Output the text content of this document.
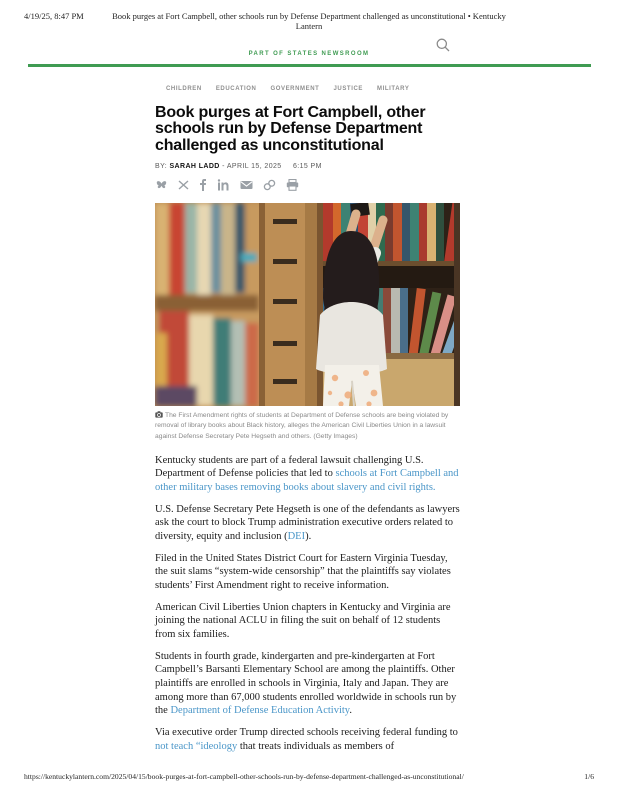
4/19/25, 8:47 PM	Book purges at Fort Campbell, other schools run by Defense Department challenged as unconstitutional • Kentucky Lantern
PART OF STATES NEWSROOM
CHILDREN EDUCATION GOVERNMENT JUSTICE MILITARY
Book purges at Fort Campbell, other schools run by Defense Department challenged as unconstitutional
BY: SARAH LADD - APRIL 15, 2025 6:15 PM
The First Amendment rights of students at Department of Defense schools are being violated by removal of library books about Black history, alleges the American Civil Liberties Union in a lawsuit against Defense Secretary Pete Hegseth and others. (Getty Images)

Kentucky students are part of a federal lawsuit challenging U.S. Department of Defense policies that led to schools at Fort Campbell and other military bases removing books about slavery and civil rights.

U.S. Defense Secretary Pete Hegseth is one of the defendants as lawyers ask the court to block Trump administration executive orders related to diversity, equity and inclusion (DEI).

Filed in the United States District Court for Eastern Virginia Tuesday, the suit slams “system-wide censorship” that the plaintiffs say violates students’ First Amendment right to receive information.

American Civil Liberties Union chapters in Kentucky and Virginia are joining the national ACLU in filing the suit on behalf of 12 students from six families.

Students in fourth grade, kindergarten and pre-kindergarten at Fort Campbell’s Barsanti Elementary School are among the plaintiffs. Other plaintiffs are enrolled in schools in Virginia, Italy and Japan. They are among more than 67,000 students enrolled worldwide in schools run by the Department of Defense Education Activity.

Via executive order Trump directed schools receiving federal funding to not teach “ideology that treats individuals as members of

https://kentuckylantern.com/2025/04/15/book-purges-at-fort-campbell-other-schools-run-by-defense-department-challenged-as-unconstitutional/	1/6
